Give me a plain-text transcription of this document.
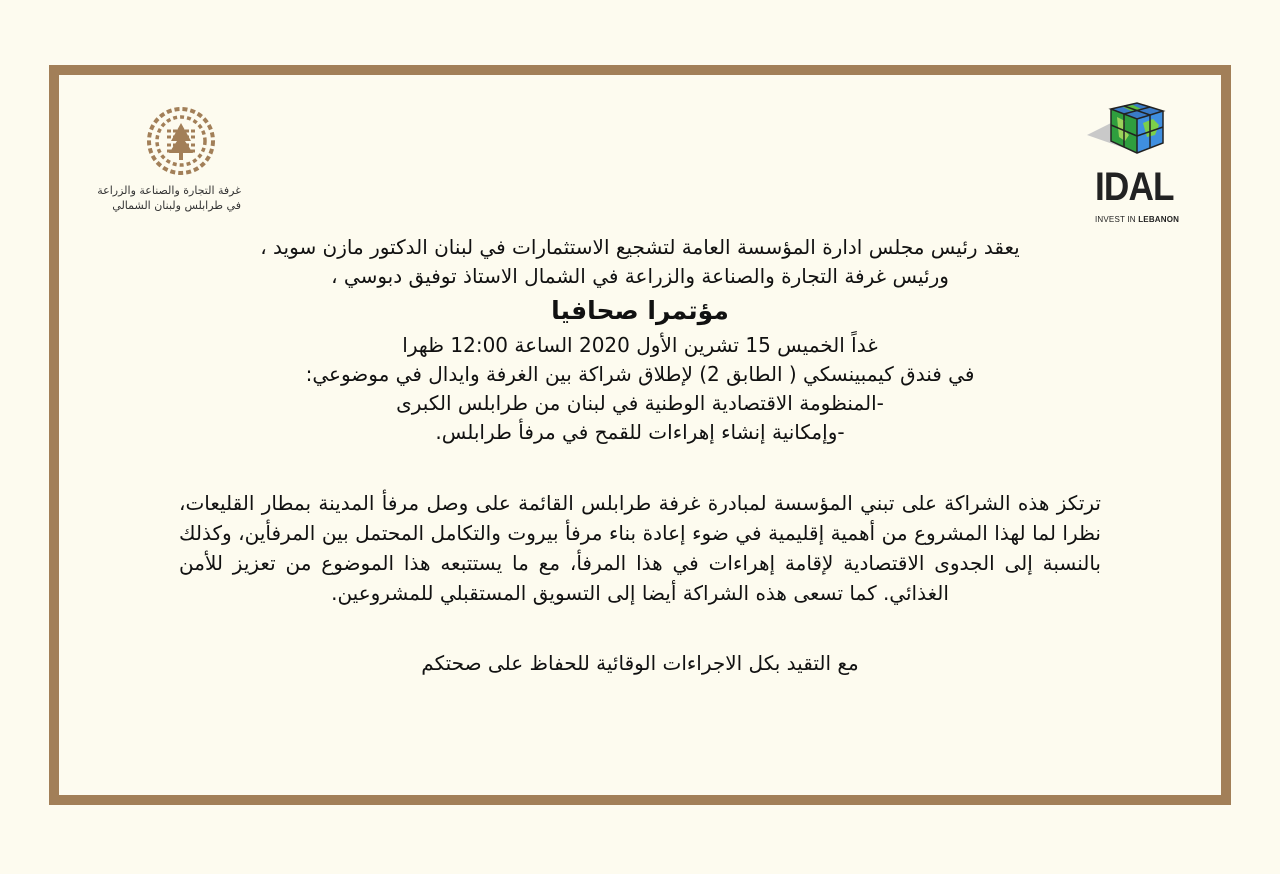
غرفة التجارة والصناعة والزراعة
في طرابلس ولبنان الشمالي	IDAL
INVEST IN LEBANON
يعقد رئيس مجلس ادارة المؤسسة العامة لتشجيع الاستثمارات في لبنان الدكتور مازن سويد ،
ورئيس غرفة التجارة والصناعة والزراعة في الشمال الاستاذ توفيق دبوسي ،
مؤتمرا صحافيا
غداً الخميس 15 تشرين الأول 2020 الساعة 12:00 ظهرا
في فندق كيمبينسكي ( الطابق 2) لإطلاق شراكة بين الغرفة وايدال في موضوعي:
-المنظومة الاقتصادية الوطنية في لبنان من طرابلس الكبرى
-وإمكانية إنشاء إهراءات للقمح في مرفأ طرابلس.
ترتكز هذه الشراكة على تبني المؤسسة لمبادرة غرفة طرابلس القائمة على وصل مرفأ المدينة بمطار القليعات، نظرا لما لهذا المشروع من أهمية إقليمية في ضوء إعادة بناء مرفأ بيروت والتكامل المحتمل بين المرفأين، وكذلك بالنسبة إلى الجدوى الاقتصادية لإقامة إهراءات في هذا المرفأ، مع ما يستتبعه هذا الموضوع من تعزيز للأمن الغذائي. كما تسعى هذه الشراكة أيضا إلى التسويق المستقبلي للمشروعين.
مع التقيد بكل الاجراءات الوقائية للحفاظ على صحتكم
